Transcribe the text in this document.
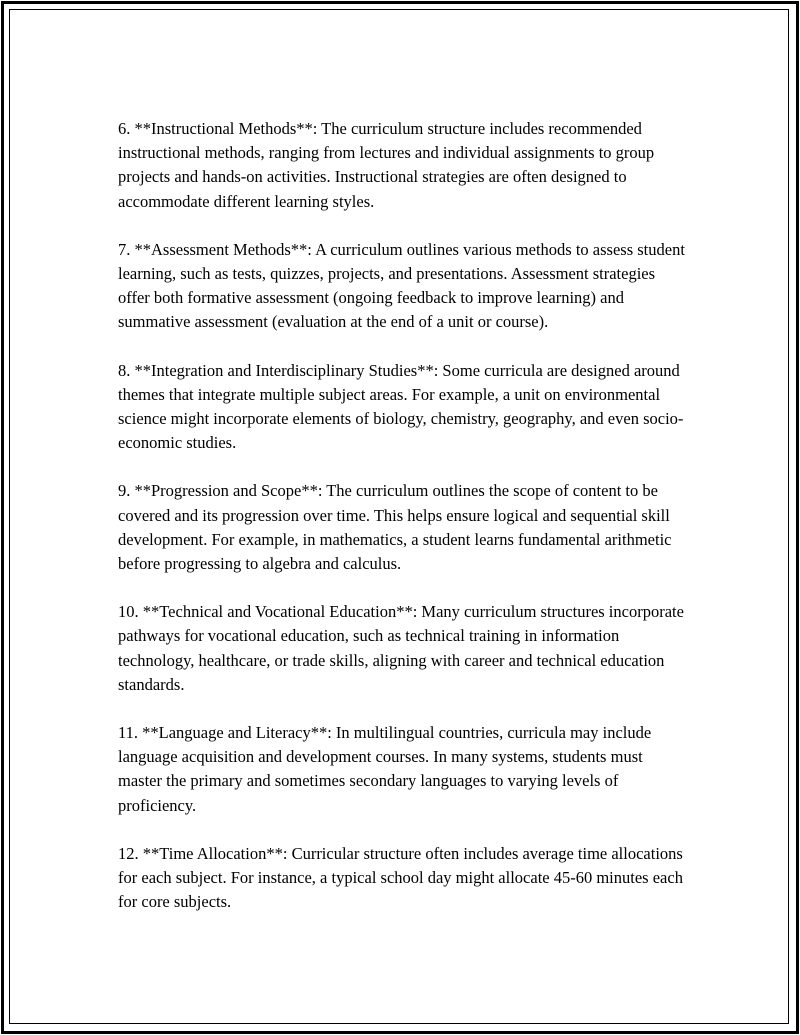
6. **Instructional Methods**: The curriculum structure includes recommended instructional methods, ranging from lectures and individual assignments to group projects and hands-on activities. Instructional strategies are often designed to accommodate different learning styles.

7. **Assessment Methods**: A curriculum outlines various methods to assess student learning, such as tests, quizzes, projects, and presentations. Assessment strategies offer both formative assessment (ongoing feedback to improve learning) and summative assessment (evaluation at the end of a unit or course).

8. **Integration and Interdisciplinary Studies**: Some curricula are designed around themes that integrate multiple subject areas. For example, a unit on environmental science might incorporate elements of biology, chemistry, geography, and even socio-economic studies.

9. **Progression and Scope**: The curriculum outlines the scope of content to be covered and its progression over time. This helps ensure logical and sequential skill development. For example, in mathematics, a student learns fundamental arithmetic before progressing to algebra and calculus.

10. **Technical and Vocational Education**: Many curriculum structures incorporate pathways for vocational education, such as technical training in information technology, healthcare, or trade skills, aligning with career and technical education standards.

11. **Language and Literacy**: In multilingual countries, curricula may include language acquisition and development courses. In many systems, students must master the primary and sometimes secondary languages to varying levels of proficiency.

12. **Time Allocation**: Curricular structure often includes average time allocations for each subject. For instance, a typical school day might allocate 45-60 minutes each for core subjects.
